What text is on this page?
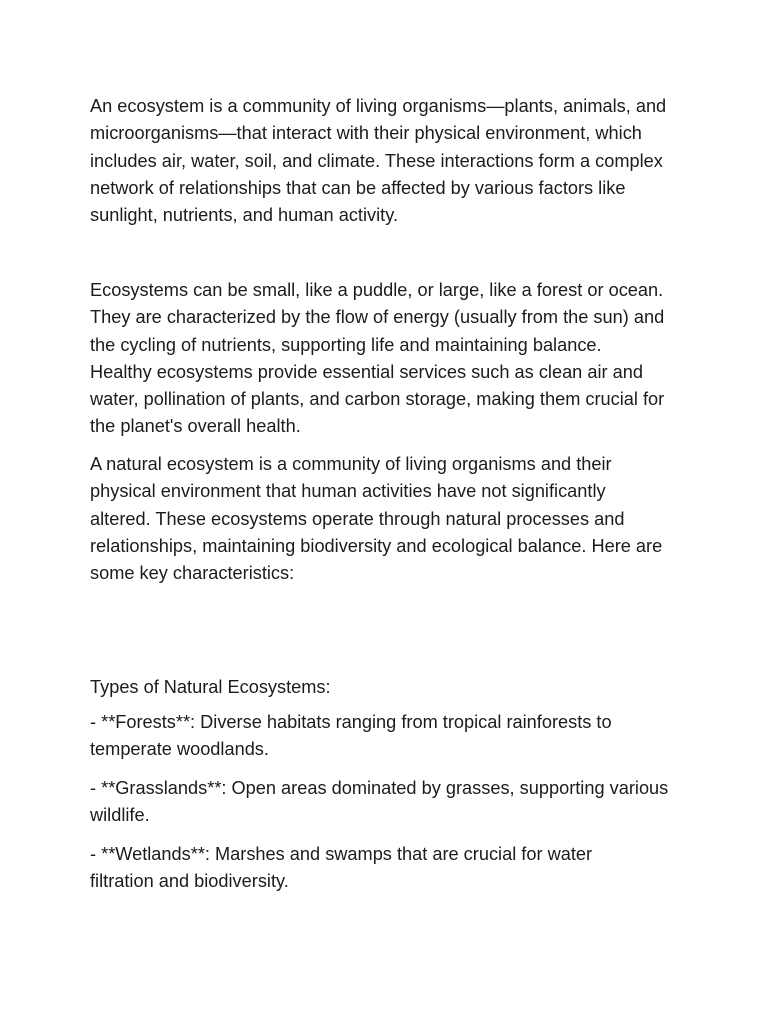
An ecosystem is a community of living organisms—plants, animals, and
microorganisms—that interact with their physical environment, which
includes air, water, soil, and climate. These interactions form a complex
network of relationships that can be affected by various factors like
sunlight, nutrients, and human activity.

Ecosystems can be small, like a puddle, or large, like a forest or ocean.
They are characterized by the flow of energy (usually from the sun) and
the cycling of nutrients, supporting life and maintaining balance.
Healthy ecosystems provide essential services such as clean air and
water, pollination of plants, and carbon storage, making them crucial for
the planet's overall health.

A natural ecosystem is a community of living organisms and their
physical environment that human activities have not significantly
altered. These ecosystems operate through natural processes and
relationships, maintaining biodiversity and ecological balance. Here are
some key characteristics:

Types of Natural Ecosystems:

- **Forests**: Diverse habitats ranging from tropical rainforests to
temperate woodlands.

- **Grasslands**: Open areas dominated by grasses, supporting various
wildlife.

- **Wetlands**: Marshes and swamps that are crucial for water
filtration and biodiversity.
